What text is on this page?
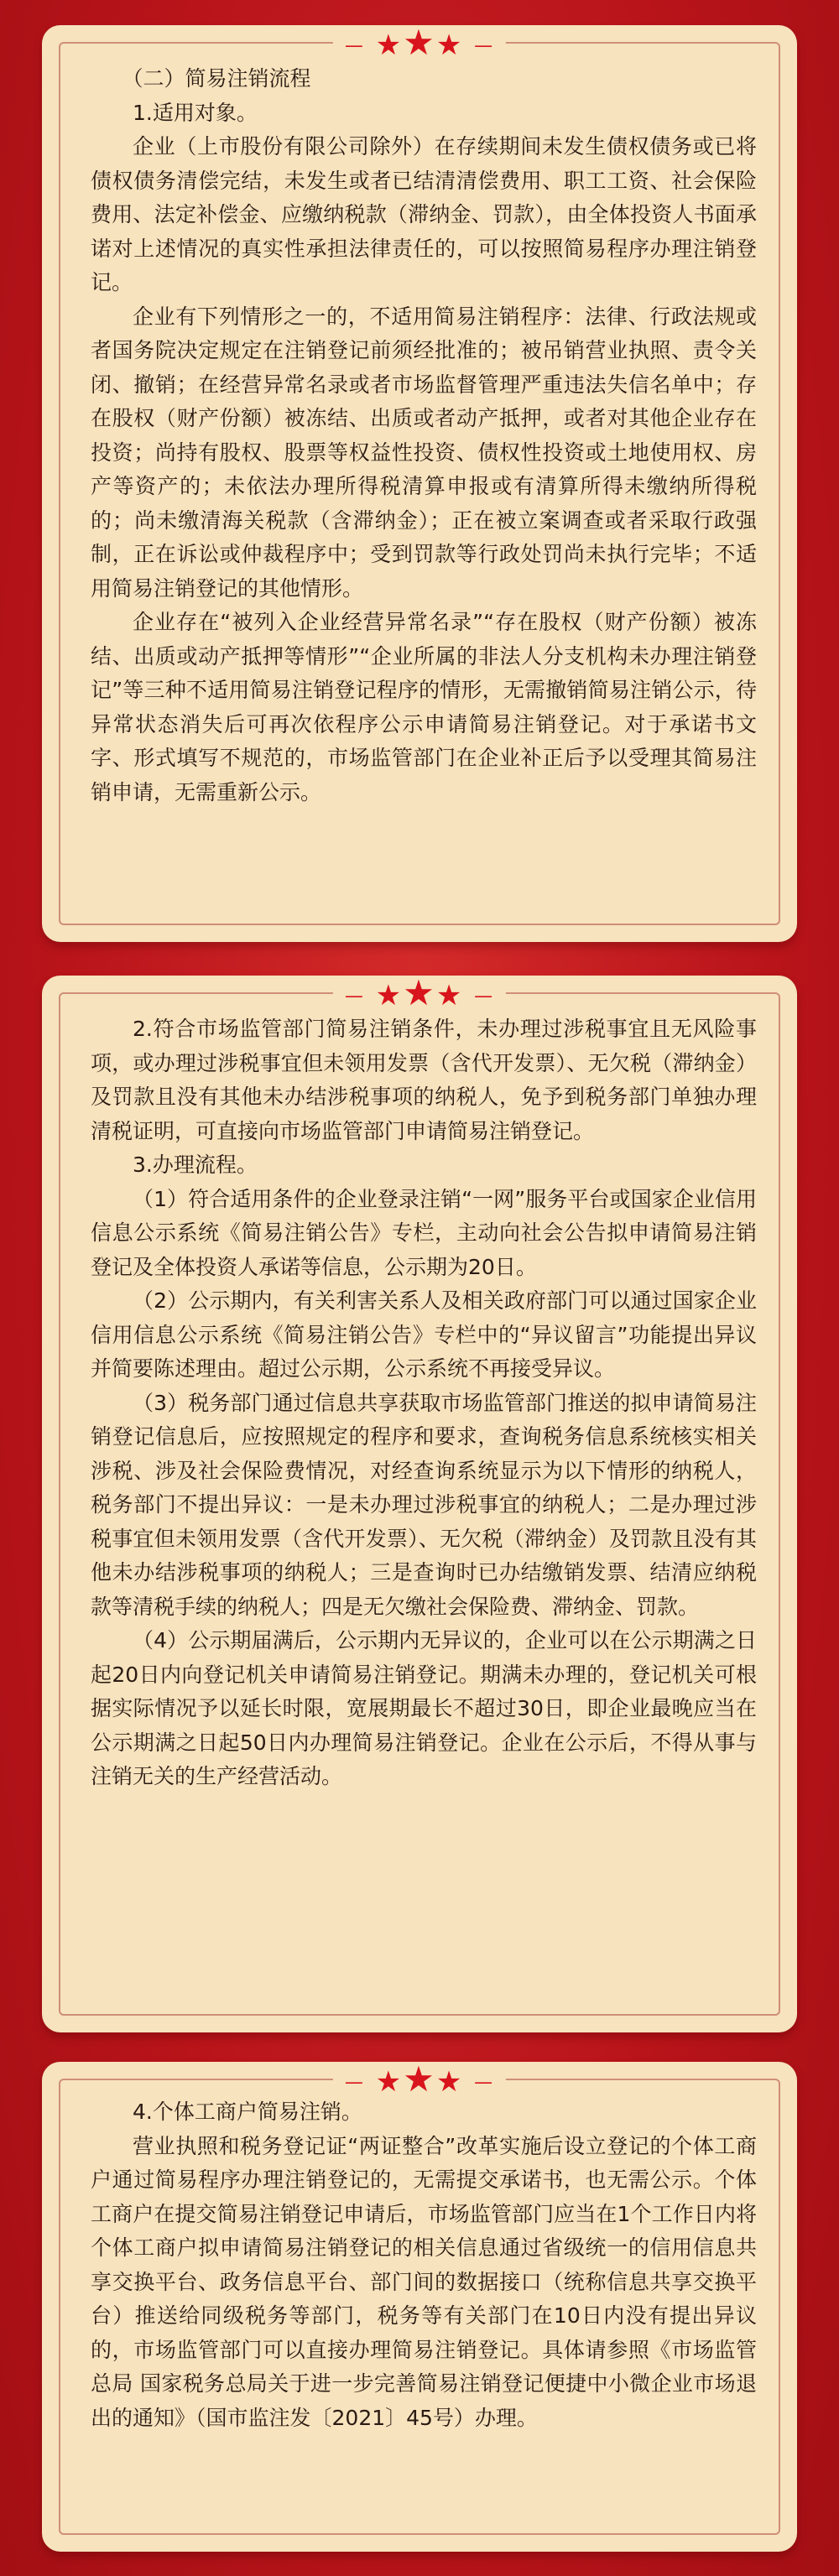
— ★★★ —

（二）简易注销流程

1.适用对象。

企业（上市股份有限公司除外）在存续期间未发生债权债务或已将债权债务清偿完结，未发生或者已结清清偿费用、职工工资、社会保险费用、法定补偿金、应缴纳税款（滞纳金、罚款），由全体投资人书面承诺对上述情况的真实性承担法律责任的，可以按照简易程序办理注销登记。

企业有下列情形之一的，不适用简易注销程序：法律、行政法规或者国务院决定规定在注销登记前须经批准的；被吊销营业执照、责令关闭、撤销；在经营异常名录或者市场监督管理严重违法失信名单中；存在股权（财产份额）被冻结、出质或者动产抵押，或者对其他企业存在投资；尚持有股权、股票等权益性投资、债权性投资或土地使用权、房产等资产的；未依法办理所得税清算申报或有清算所得未缴纳所得税的；尚未缴清海关税款（含滞纳金）；正在被立案调查或者采取行政强制，正在诉讼或仲裁程序中；受到罚款等行政处罚尚未执行完毕；不适用简易注销登记的其他情形。

企业存在“被列入企业经营异常名录”“存在股权（财产份额）被冻结、出质或动产抵押等情形”“企业所属的非法人分支机构未办理注销登记”等三种不适用简易注销登记程序的情形，无需撤销简易注销公示，待异常状态消失后可再次依程序公示申请简易注销登记。对于承诺书文字、形式填写不规范的，市场监管部门在企业补正后予以受理其简易注销申请，无需重新公示。

— ★★★ —

2.符合市场监管部门简易注销条件，未办理过涉税事宜且无风险事项，或办理过涉税事宜但未领用发票（含代开发票）、无欠税（滞纳金）及罚款且没有其他未办结涉税事项的纳税人，免予到税务部门单独办理清税证明，可直接向市场监管部门申请简易注销登记。

3.办理流程。

（1）符合适用条件的企业登录注销“一网”服务平台或国家企业信用信息公示系统《简易注销公告》专栏，主动向社会公告拟申请简易注销登记及全体投资人承诺等信息，公示期为20日。

（2）公示期内，有关利害关系人及相关政府部门可以通过国家企业信用信息公示系统《简易注销公告》专栏中的“异议留言”功能提出异议并简要陈述理由。超过公示期，公示系统不再接受异议。

（3）税务部门通过信息共享获取市场监管部门推送的拟申请简易注销登记信息后，应按照规定的程序和要求，查询税务信息系统核实相关涉税、涉及社会保险费情况，对经查询系统显示为以下情形的纳税人，税务部门不提出异议：一是未办理过涉税事宜的纳税人；二是办理过涉税事宜但未领用发票（含代开发票）、无欠税（滞纳金）及罚款且没有其他未办结涉税事项的纳税人；三是查询时已办结缴销发票、结清应纳税款等清税手续的纳税人；四是无欠缴社会保险费、滞纳金、罚款。

（4）公示期届满后，公示期内无异议的，企业可以在公示期满之日起20日内向登记机关申请简易注销登记。期满未办理的，登记机关可根据实际情况予以延长时限，宽展期最长不超过30日，即企业最晚应当在公示期满之日起50日内办理简易注销登记。企业在公示后，不得从事与注销无关的生产经营活动。

— ★★★ —

4.个体工商户简易注销。

营业执照和税务登记证“两证整合”改革实施后设立登记的个体工商户通过简易程序办理注销登记的，无需提交承诺书，也无需公示。个体工商户在提交简易注销登记申请后，市场监管部门应当在1个工作日内将个体工商户拟申请简易注销登记的相关信息通过省级统一的信用信息共享交换平台、政务信息平台、部门间的数据接口（统称信息共享交换平台）推送给同级税务等部门，税务等有关部门在10日内没有提出异议的，市场监管部门可以直接办理简易注销登记。具体请参照《市场监管总局 国家税务总局关于进一步完善简易注销登记便捷中小微企业市场退出的通知》（国市监注发〔2021〕45号）办理。
